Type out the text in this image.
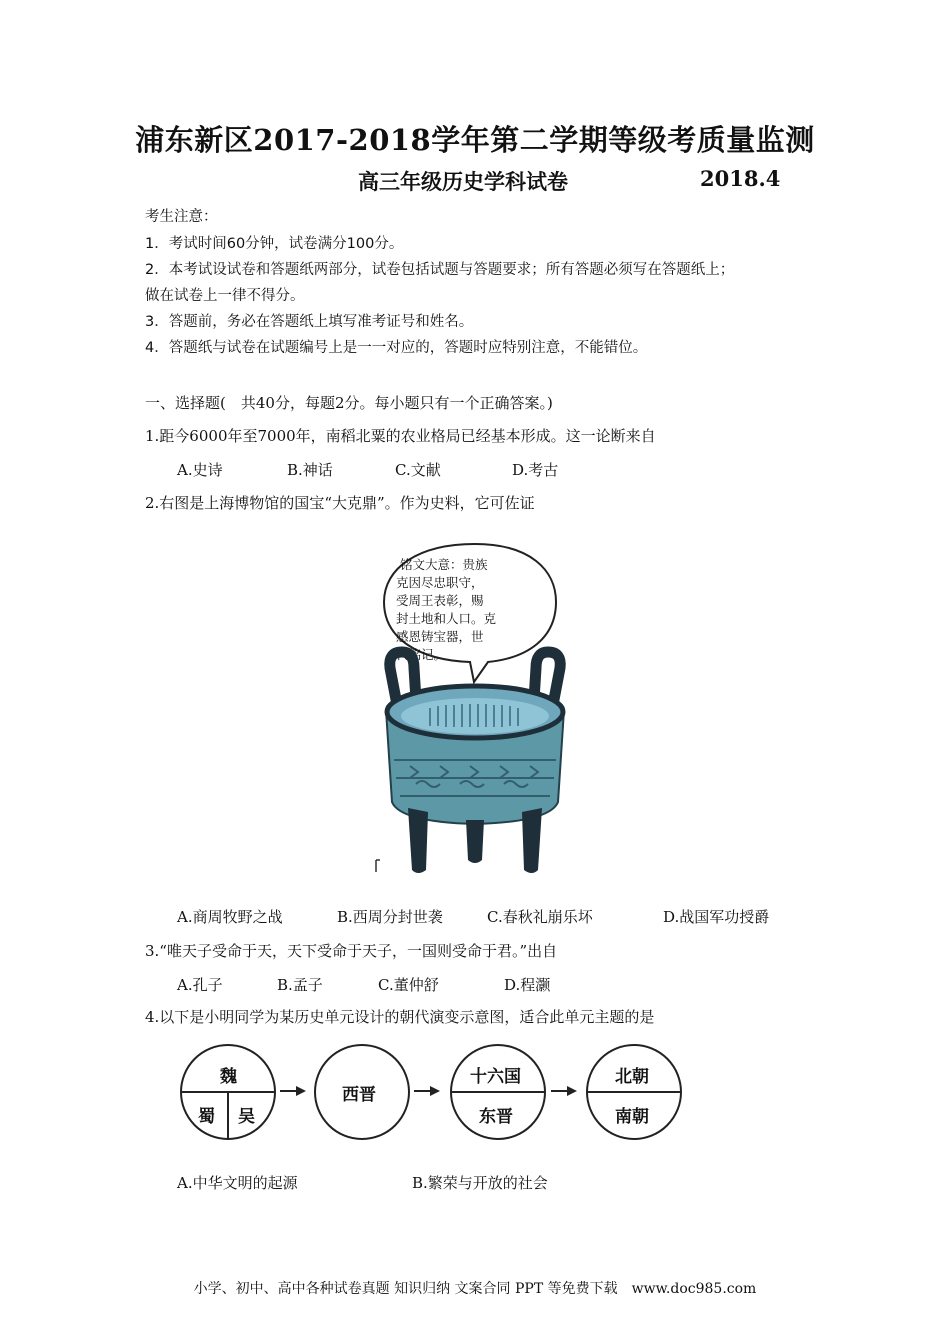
浦东新区2017-2018学年第二学期等级考质量监测
高三年级历史学科试卷	2018.4
考生注意：
1．考试时间60分钟，试卷满分100分。
2．本考试设试卷和答题纸两部分，试卷包括试题与答题要求；所有答题必须写在答题纸上；
做在试卷上一律不得分。
3．答题前，务必在答题纸上填写准考证号和姓名。
4．答题纸与试卷在试题编号上是一一对应的，答题时应特别注意，不能错位。
一、选择题(　共40分，每题2分。每小题只有一个正确答案。)
1.距今6000年至7000年，南稻北粟的农业格局已经基本形成。这一论断来自
A.史诗	B.神话	C.文献	D.考古
2.右图是上海博物馆的国宝“大克鼎”。作为史料，它可佐证
铭文大意：贵族
克因尽忠职守，
受周王表彰，赐
封土地和人口。克
感恩铸宝器，世
代铭记。
A.商周牧野之战	B.西周分封世袭	C.春秋礼崩乐坏	D.战国军功授爵
3.“唯天子受命于天，天下受命于天子，一国则受命于君。”出自
A.孔子	B.孟子	C.董仲舒	D.程灏
4.以下是小明同学为某历史单元设计的朝代演变示意图，适合此单元主题的是
魏
蜀 吴
西晋
十六国
东晋
北朝
南朝
A.中华文明的起源	B.繁荣与开放的社会
小学、初中、高中各种试卷真题 知识归纳 文案合同 PPT 等免费下载　www.doc985.com
